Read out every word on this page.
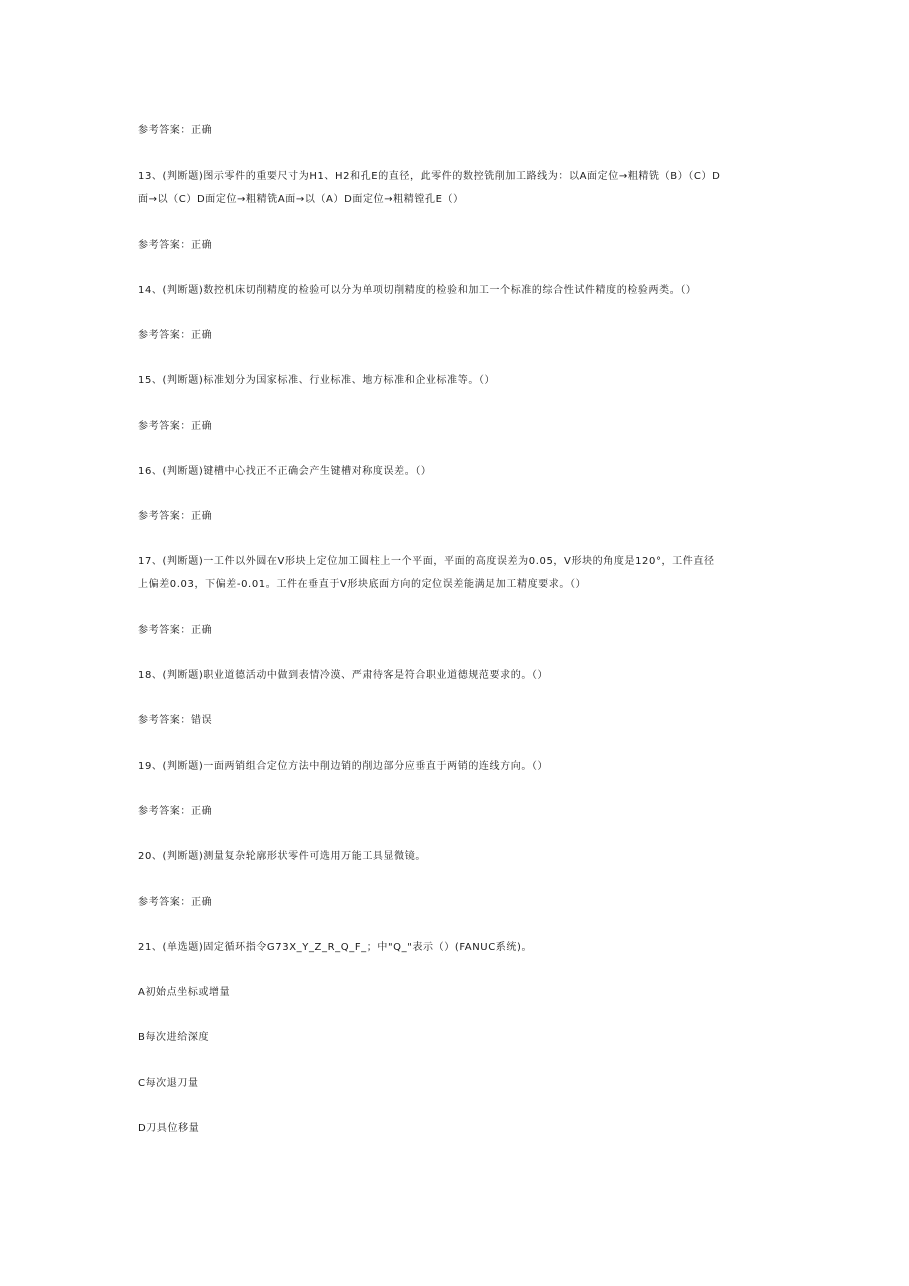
参考答案：正确
13、(判断题)图示零件的重要尺寸为H1、H2和孔E的直径，此零件的数控铣削加工路线为：以A面定位→粗精铣（B）（C）D
面→以（C）D面定位→粗精铣A面→以（A）D面定位→粗精镗孔E（）
参考答案：正确
14、(判断题)数控机床切削精度的检验可以分为单项切削精度的检验和加工一个标准的综合性试件精度的检验两类。（）
参考答案：正确
15、(判断题)标准划分为国家标准、行业标准、地方标准和企业标准等。（）
参考答案：正确
16、(判断题)键槽中心找正不正确会产生键槽对称度误差。（）
参考答案：正确
17、(判断题)一工件以外圆在V形块上定位加工圆柱上一个平面，平面的高度误差为0.05，V形块的角度是120°，工件直径
上偏差0.03，下偏差-0.01。工件在垂直于V形块底面方向的定位误差能满足加工精度要求。（）
参考答案：正确
18、(判断题)职业道德活动中做到表情冷漠、严肃待客是符合职业道德规范要求的。（）
参考答案：错误
19、(判断题)一面两销组合定位方法中削边销的削边部分应垂直于两销的连线方向。（）
参考答案：正确
20、(判断题)测量复杂轮廓形状零件可选用万能工具显微镜。
参考答案：正确
21、(单选题)固定循环指令G73X_Y_Z_R_Q_F_；中"Q_"表示（）(FANUC系统)。
A初始点坐标或增量
B每次进给深度
C每次退刀量
D刀具位移量
